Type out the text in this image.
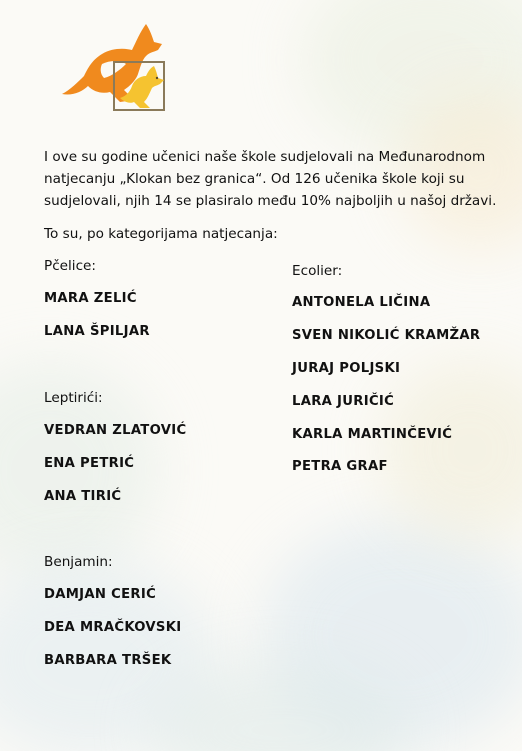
I ove su godine učenici naše škole sudjelovali na Međunarodnom natjecanju „Klokan bez granica“. Od 126 učenika škole koji su sudjelovali, njih 14 se plasiralo među 10% najboljih u našoj državi.

To su, po kategorijama natjecanja:

Pčelice:

MARA ZELIĆ

LANA ŠPILJAR

Leptirići:

VEDRAN ZLATOVIĆ

ENA PETRIĆ

ANA TIRIĆ

Benjamin:

DAMJAN CERIĆ

DEA MRAČKOVSKI

BARBARA TRŠEK

Ecolier:

ANTONELA LIČINA

SVEN NIKOLIĆ KRAMŽAR

JURAJ POLJSKI

LARA JURIČIĆ

KARLA MARTINČEVIĆ

PETRA GRAF
